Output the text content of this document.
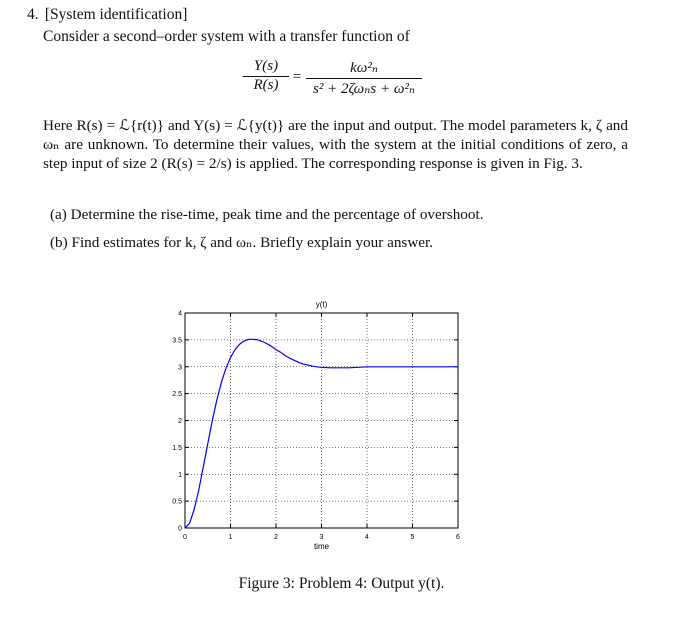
4. [System identification]
Consider a second–order system with a transfer function of
Y(s)
R(s) =
kω²ₙ
s² + 2ζωₙs + ω²ₙ
Here R(s) = ℒ{r(t)} and Y(s) = ℒ{y(t)} are the input and output. The model parameters k, ζ and ωₙ are unknown. To determine their values, with the system at the initial conditions of zero, a step input of size 2 (R(s) = 2/s) is applied. The corresponding response is given in Fig. 3.
(a) Determine the rise-time, peak time and the percentage of overshoot.
(b) Find estimates for k, ζ and ωₙ. Briefly explain your answer.
0	1	2	3	4	5	6
0
0.5
1
1.5
2
2.5
3
3.5
4
y(t)
time
Figure 3: Problem 4: Output y(t).
